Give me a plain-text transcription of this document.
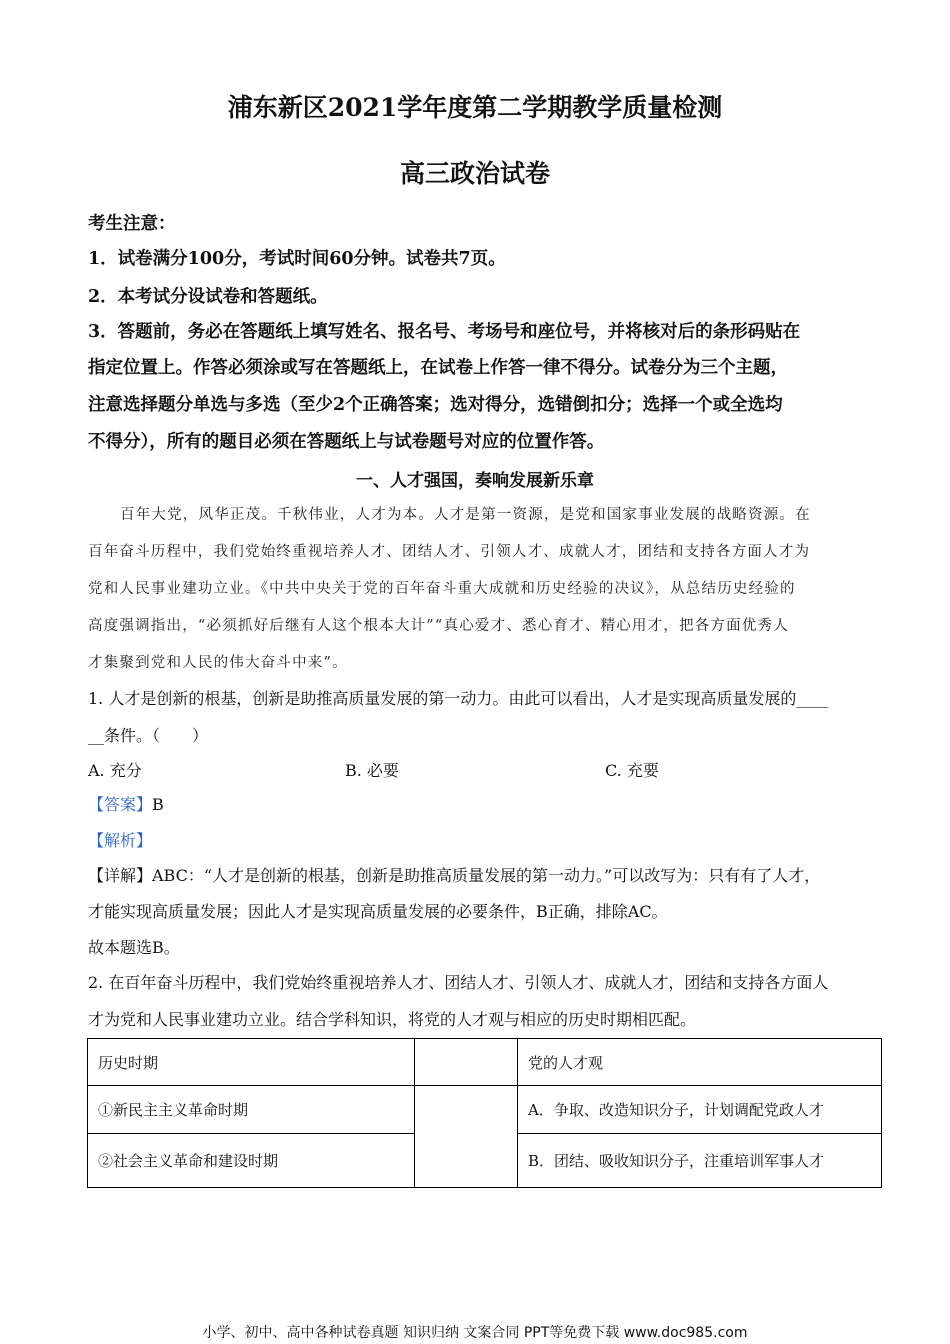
浦东新区2021学年度第二学期教学质量检测
高三政治试卷
考生注意：
1．试卷满分100分，考试时间60分钟。试卷共7页。
2．本考试分设试卷和答题纸。
3．答题前，务必在答题纸上填写姓名、报名号、考场号和座位号，并将核对后的条形码贴在
指定位置上。作答必须涂或写在答题纸上，在试卷上作答一律不得分。试卷分为三个主题，
注意选择题分单选与多选（至少2个正确答案；选对得分，选错倒扣分；选择一个或全选均
不得分），所有的题目必须在答题纸上与试卷题号对应的位置作答。
一、人才强国，奏响发展新乐章
百年大党，风华正茂。千秋伟业，人才为本。人才是第一资源，是党和国家事业发展的战略资源。在
百年奋斗历程中，我们党始终重视培养人才、团结人才、引领人才、成就人才，团结和支持各方面人才为
党和人民事业建功立业。《中共中央关于党的百年奋斗重大成就和历史经验的决议》，从总结历史经验的
高度强调指出，“必须抓好后继有人这个根本大计”“真心爱才、悉心育才、精心用才，把各方面优秀人
才集聚到党和人民的伟大奋斗中来”。
1. 人才是创新的根基，创新是助推高质量发展的第一动力。由此可以看出，人才是实现高质量发展的____
__条件。（　　）
A. 充分	B. 必要	C. 充要
【答案】B
【解析】
【详解】ABC：“人才是创新的根基，创新是助推高质量发展的第一动力。”可以改写为：只有有了人才，
才能实现高质量发展；因此人才是实现高质量发展的必要条件，B正确，排除AC。
故本题选B。
2. 在百年奋斗历程中，我们党始终重视培养人才、团结人才、引领人才、成就人才，团结和支持各方面人
才为党和人民事业建功立业。结合学科知识，将党的人才观与相应的历史时期相匹配。
历史时期		党的人才观
①新民主主义革命时期		A．争取、改造知识分子，计划调配党政人才
②社会主义革命和建设时期		B．团结、吸收知识分子，注重培训军事人才
小学、初中、高中各种试卷真题 知识归纳 文案合同 PPT等免费下载 www.doc985.com
